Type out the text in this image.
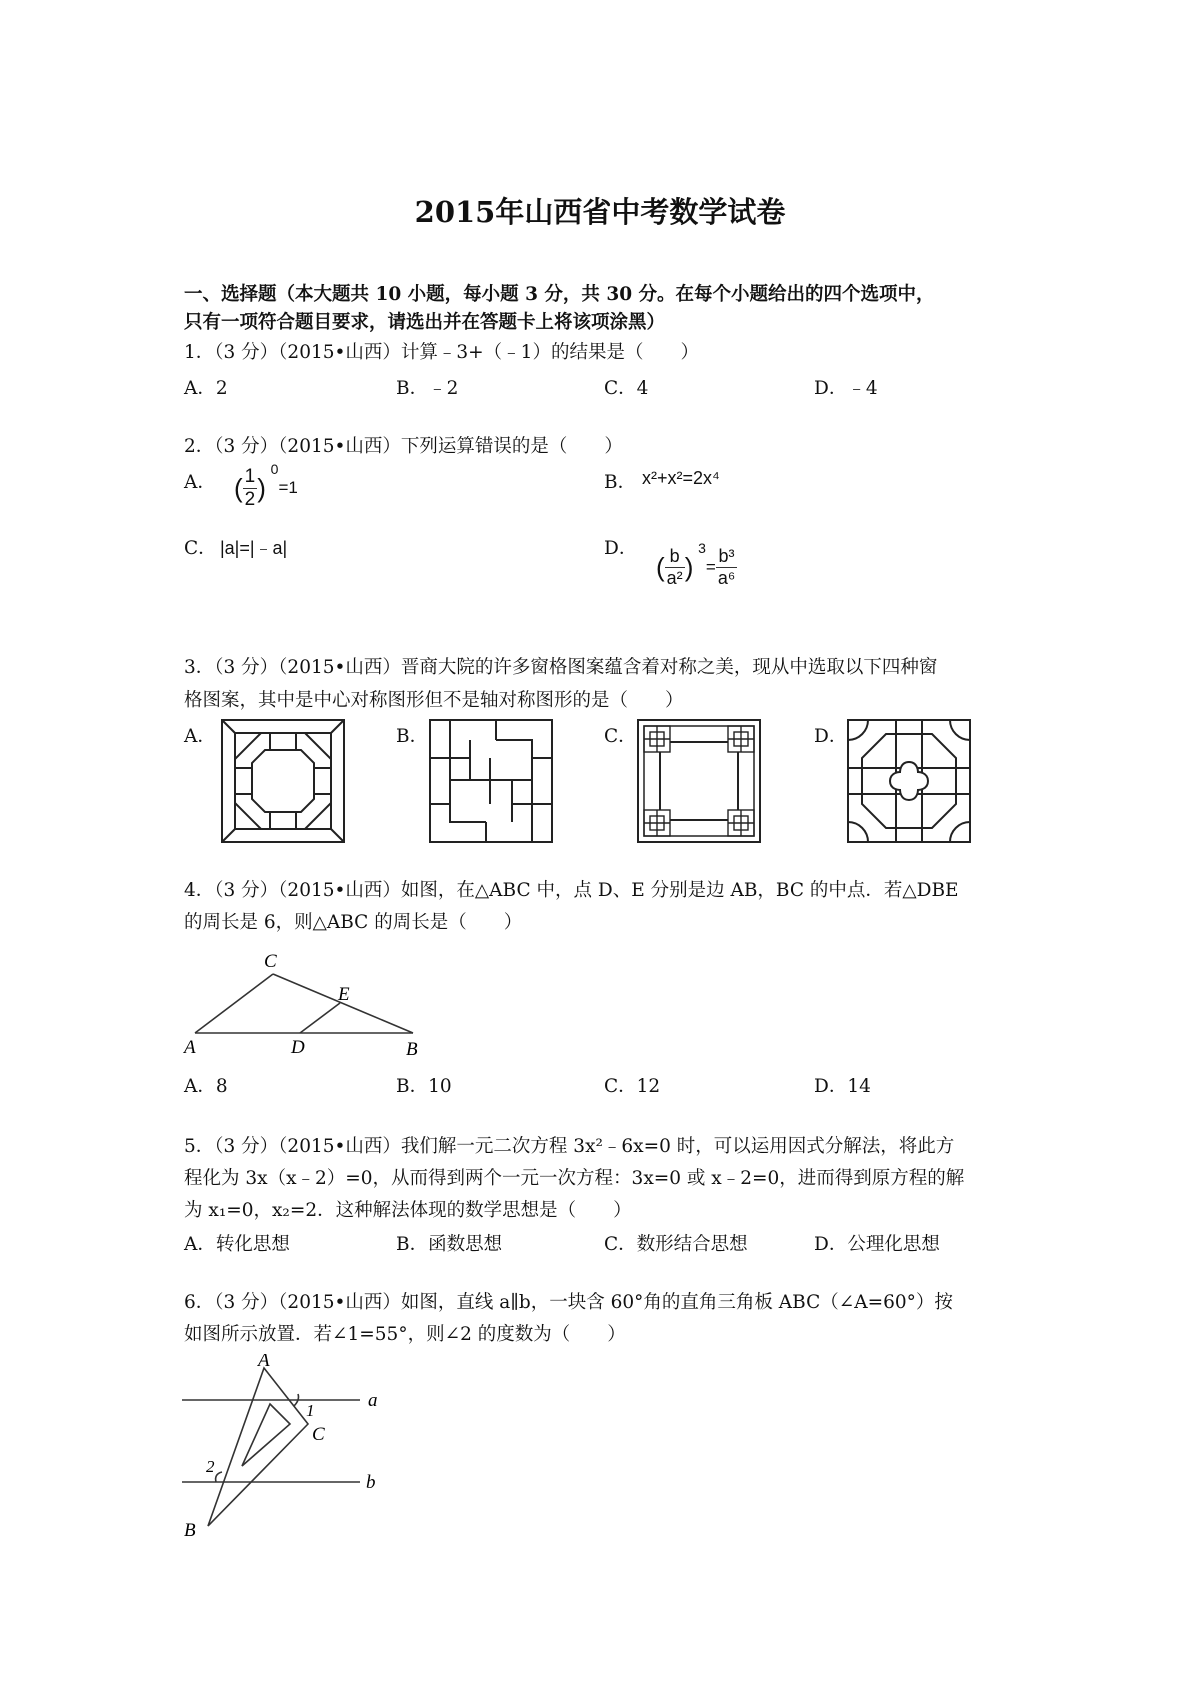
2015年山西省中考数学试卷
一、选择题（本大题共 10 小题，每小题 3 分，共 30 分。在每个小题给出的四个选项中，
只有一项符合题目要求，请选出并在答题卡上将该项涂黑）
1．（3 分）（2015•山西）计算﹣3+（﹣1）的结果是（　　）
A．2	B．﹣2	C．4	D．﹣4
2．（3 分）（2015•山西）下列运算错误的是（　　）
A． ( $\frac{1}{2}$ ) $^0$=1	B． x²+x²=2x⁴
C． |a|=|﹣a|	D．
( $\frac{b}{\text{a²}}$ ) $^3= \frac{\text{b³}}{\text{a⁶}}$
3．（3 分）（2015•山西）晋商大院的许多窗格图案蕴含着对称之美，现从中选取以下四种窗
格图案，其中是中心对称图形但不是轴对称图形的是（　　）
A．	B．	C．	D．
4．（3 分）（2015•山西）如图，在△ABC 中，点 D、E 分别是边 AB，BC 的中点．若△DBE
的周长是 6，则△ABC 的周长是（　　）
C
E
A	D	B
A．8	B．10	C．12	D．14
5．（3 分）（2015•山西）我们解一元二次方程 3x²﹣6x=0 时，可以运用因式分解法，将此方
程化为 3x（x﹣2）=0，从而得到两个一元一次方程：3x=0 或 x﹣2=0，进而得到原方程的解
为 x₁=0，x₂=2．这种解法体现的数学思想是（　　）
A．转化思想	B．函数思想	C．数形结合思想	D．公理化思想
6．（3 分）（2015•山西）如图，直线 a∥b，一块含 60°角的直角三角板 ABC（∠A=60°）按
如图所示放置．若∠1=55°，则∠2 的度数为（　　）
A
a
1
C
2
b
B
